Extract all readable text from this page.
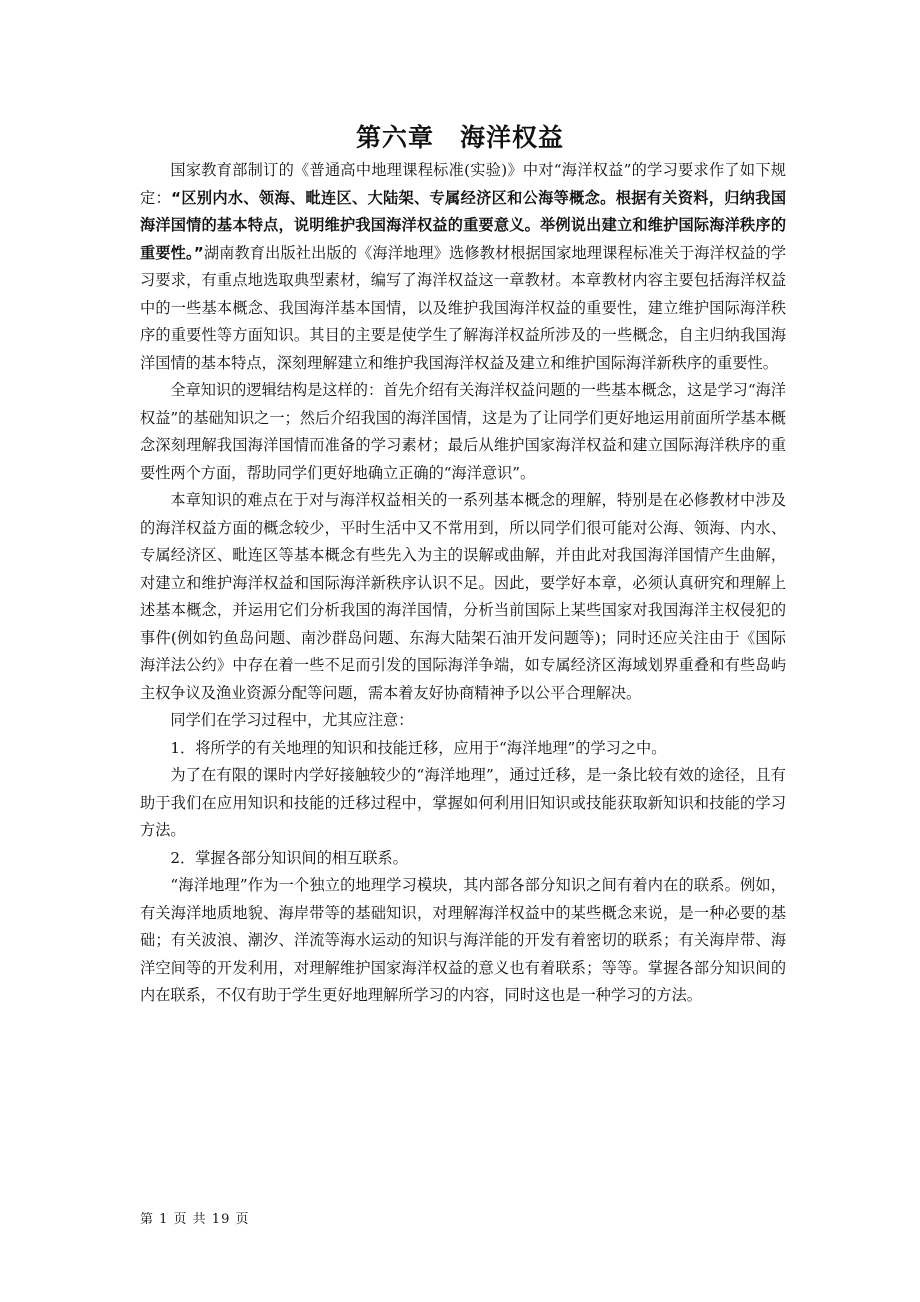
第六章　海洋权益

国家教育部制订的《普通高中地理课程标准(实验)》中对“海洋权益”的学习要求作了如下规定：“区别内水、领海、毗连区、大陆架、专属经济区和公海等概念。根据有关资料，归纳我国海洋国情的基本特点，说明维护我国海洋权益的重要意义。举例说出建立和维护国际海洋秩序的重要性。”湖南教育出版社出版的《海洋地理》选修教材根据国家地理课程标准关于海洋权益的学习要求，有重点地选取典型素材，编写了海洋权益这一章教材。本章教材内容主要包括海洋权益中的一些基本概念、我国海洋基本国情，以及维护我国海洋权益的重要性，建立维护国际海洋秩序的重要性等方面知识。其目的主要是使学生了解海洋权益所涉及的一些概念，自主归纳我国海洋国情的基本特点，深刻理解建立和维护我国海洋权益及建立和维护国际海洋新秩序的重要性。

全章知识的逻辑结构是这样的：首先介绍有关海洋权益问题的一些基本概念，这是学习“海洋权益”的基础知识之一；然后介绍我国的海洋国情，这是为了让同学们更好地运用前面所学基本概念深刻理解我国海洋国情而准备的学习素材；最后从维护国家海洋权益和建立国际海洋秩序的重要性两个方面，帮助同学们更好地确立正确的“海洋意识”。

本章知识的难点在于对与海洋权益相关的一系列基本概念的理解，特别是在必修教材中涉及的海洋权益方面的概念较少，平时生活中又不常用到，所以同学们很可能对公海、领海、内水、专属经济区、毗连区等基本概念有些先入为主的误解或曲解，并由此对我国海洋国情产生曲解，对建立和维护海洋权益和国际海洋新秩序认识不足。因此，要学好本章，必须认真研究和理解上述基本概念，并运用它们分析我国的海洋国情，分析当前国际上某些国家对我国海洋主权侵犯的事件(例如钓鱼岛问题、南沙群岛问题、东海大陆架石油开发问题等)；同时还应关注由于《国际海洋法公约》中存在着一些不足而引发的国际海洋争端，如专属经济区海域划界重叠和有些岛屿主权争议及渔业资源分配等问题，需本着友好协商精神予以公平合理解决。

同学们在学习过程中，尤其应注意：

1．将所学的有关地理的知识和技能迁移，应用于“海洋地理”的学习之中。

为了在有限的课时内学好接触较少的“海洋地理”，通过迁移，是一条比较有效的途径，且有助于我们在应用知识和技能的迁移过程中，掌握如何利用旧知识或技能获取新知识和技能的学习方法。

2．掌握各部分知识间的相互联系。

“海洋地理”作为一个独立的地理学习模块，其内部各部分知识之间有着内在的联系。例如，有关海洋地质地貌、海岸带等的基础知识，对理解海洋权益中的某些概念来说，是一种必要的基础；有关波浪、潮汐、洋流等海水运动的知识与海洋能的开发有着密切的联系；有关海岸带、海洋空间等的开发利用，对理解维护国家海洋权益的意义也有着联系；等等。掌握各部分知识间的内在联系，不仅有助于学生更好地理解所学习的内容，同时这也是一种学习的方法。

第 1 页 共 19 页
